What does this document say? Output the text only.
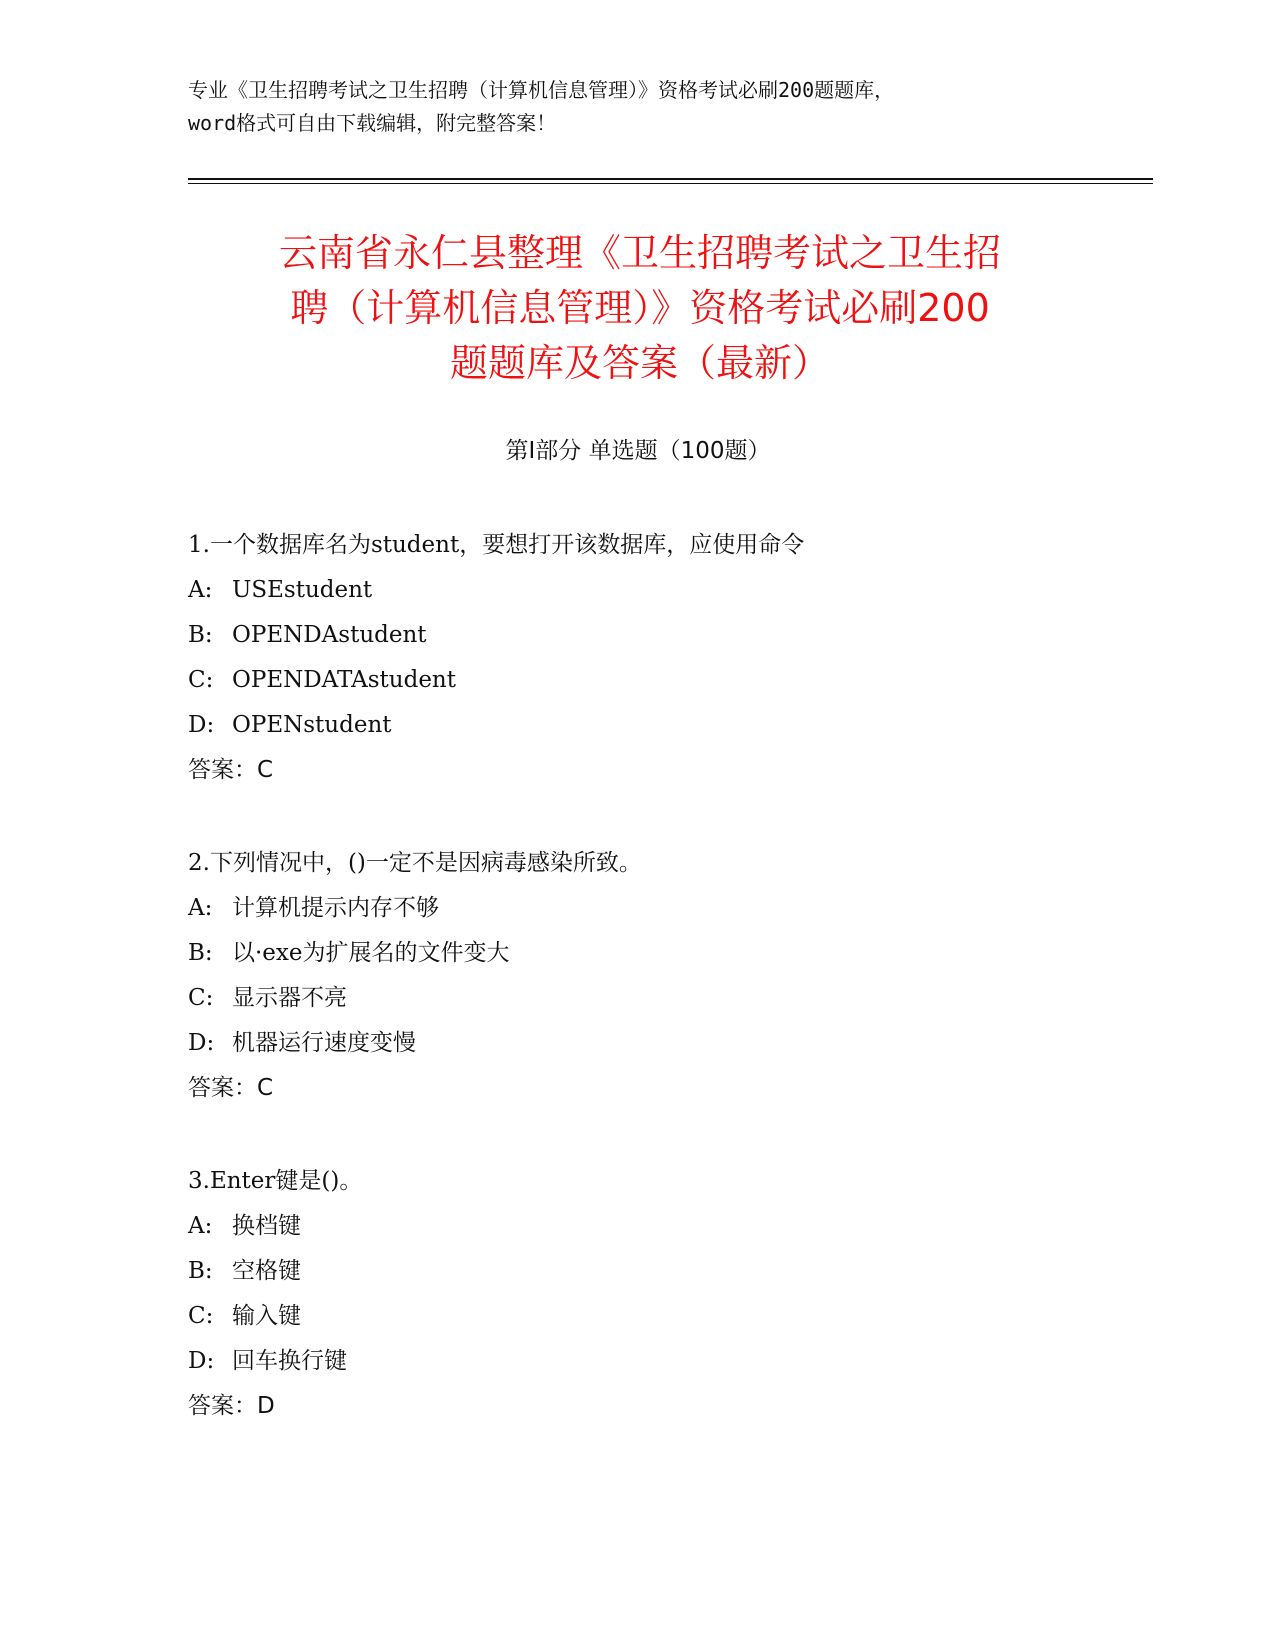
专业《卫生招聘考试之卫生招聘（计算机信息管理）》资格考试必刷200题题库，
word格式可自由下载编辑，附完整答案！
云南省永仁县整理《卫生招聘考试之卫生招
聘（计算机信息管理）》资格考试必刷200
题题库及答案（最新）
第Ⅰ部分 单选题（100题）
1.一个数据库名为student，要想打开该数据库，应使用命令
A: USEstudent
B: OPENDAstudent
C: OPENDATAstudent
D: OPENstudent
答案：C
2.下列情况中，()一定不是因病毒感染所致。
A: 计算机提示内存不够
B: 以·exe为扩展名的文件变大
C: 显示器不亮
D: 机器运行速度变慢
答案：C
3.Enter键是()。
A: 换档键
B: 空格键
C: 输入键
D: 回车换行键
答案：D
